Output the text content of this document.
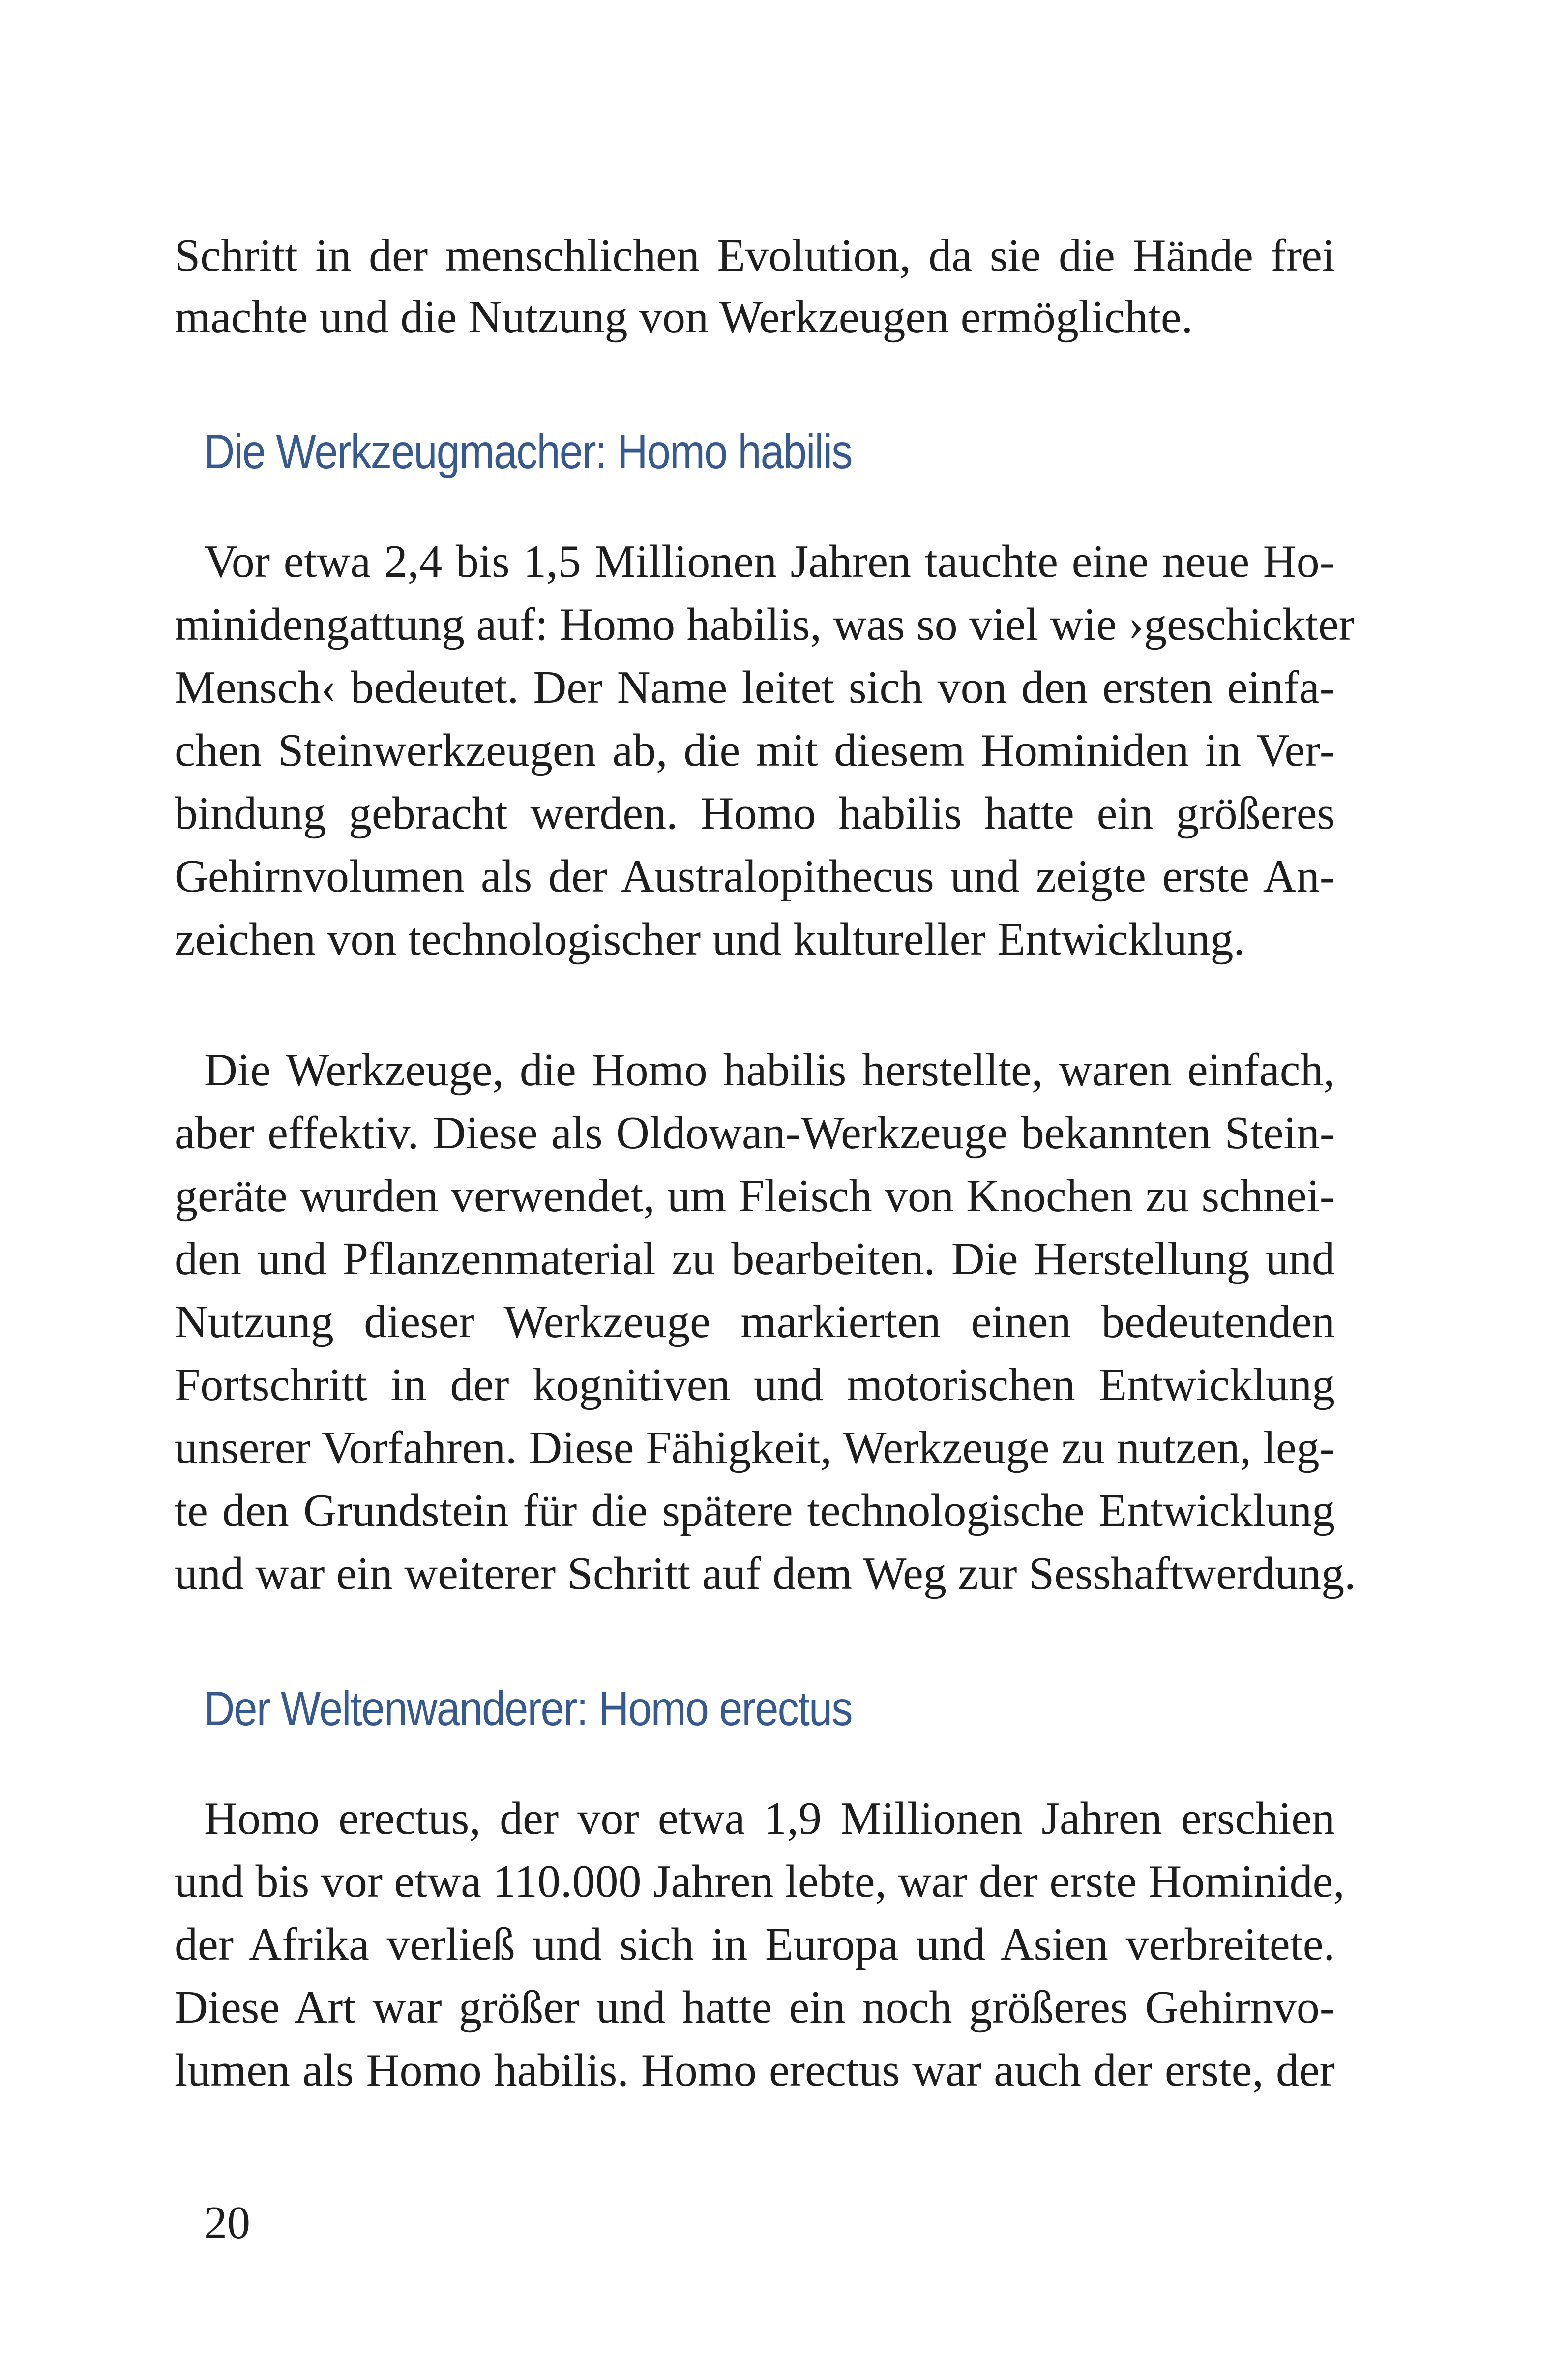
Schritt in der menschlichen Evolution, da sie die Hände frei
machte und die Nutzung von Werkzeugen ermöglichte.
Die Werkzeugmacher: Homo habilis
Vor etwa 2,4 bis 1,5 Millionen Jahren tauchte eine neue Ho-
minidengattung auf: Homo habilis, was so viel wie ›geschickter
Mensch‹ bedeutet. Der Name leitet sich von den ersten einfa-
chen Steinwerkzeugen ab, die mit diesem Hominiden in Ver-
bindung gebracht werden. Homo habilis hatte ein größeres
Gehirnvolumen als der Australopithecus und zeigte erste An-
zeichen von technologischer und kultureller Entwicklung.
Die Werkzeuge, die Homo habilis herstellte, waren einfach,
aber effektiv. Diese als Oldowan-Werkzeuge bekannten Stein-
geräte wurden verwendet, um Fleisch von Knochen zu schnei-
den und Pflanzenmaterial zu bearbeiten. Die Herstellung und
Nutzung dieser Werkzeuge markierten einen bedeutenden
Fortschritt in der kognitiven und motorischen Entwicklung
unserer Vorfahren. Diese Fähigkeit, Werkzeuge zu nutzen, leg-
te den Grundstein für die spätere technologische Entwicklung
und war ein weiterer Schritt auf dem Weg zur Sesshaftwerdung.
Der Weltenwanderer: Homo erectus
Homo erectus, der vor etwa 1,9 Millionen Jahren erschien
und bis vor etwa 110.000 Jahren lebte, war der erste Hominide,
der Afrika verließ und sich in Europa und Asien verbreitete.
Diese Art war größer und hatte ein noch größeres Gehirnvo-
lumen als Homo habilis. Homo erectus war auch der erste, der
20
